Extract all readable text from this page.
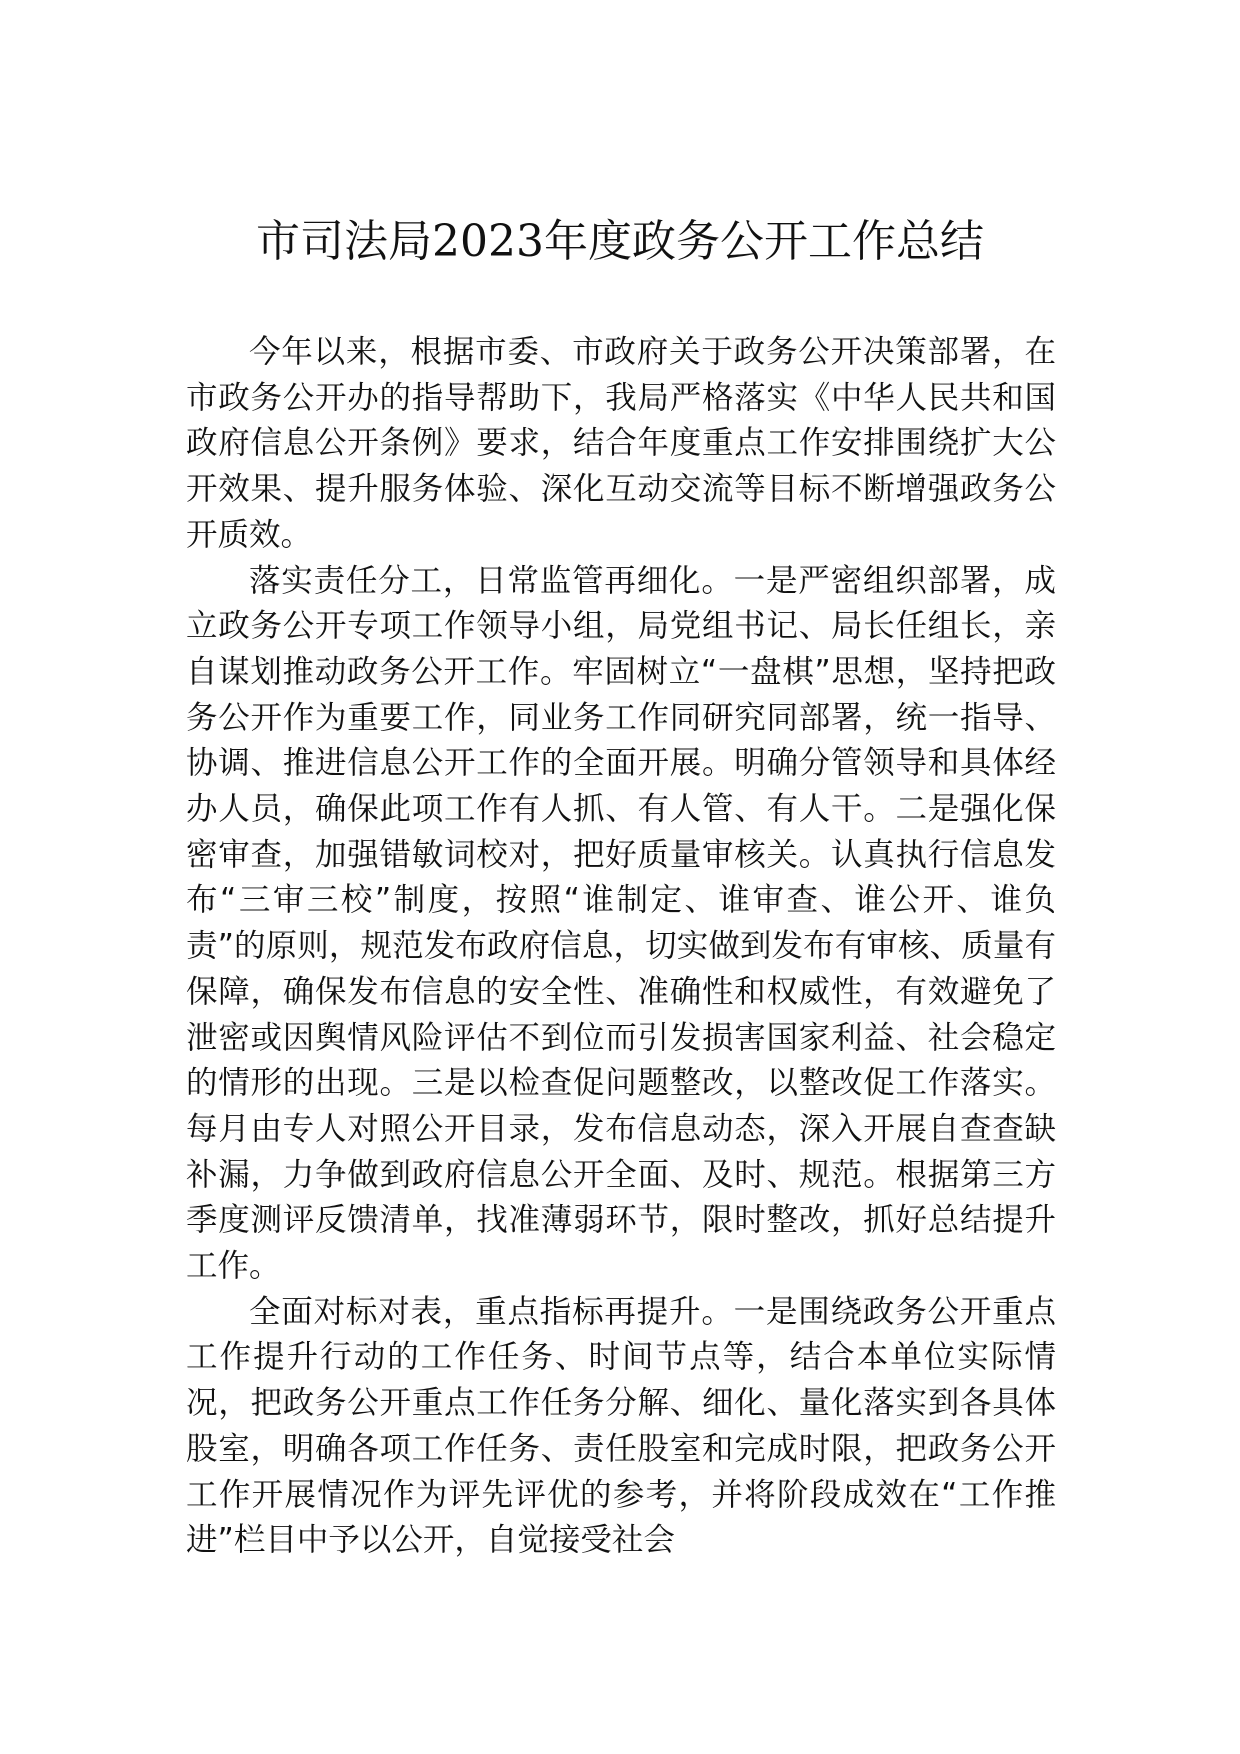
市司法局2023年度政务公开工作总结

今年以来，根据市委、市政府关于政务公开决策部署，在市政务公开办的指导帮助下，我局严格落实《中华人民共和国政府信息公开条例》要求，结合年度重点工作安排围绕扩大公开效果、提升服务体验、深化互动交流等目标不断增强政务公开质效。

落实责任分工，日常监管再细化。一是严密组织部署，成立政务公开专项工作领导小组，局党组书记、局长任组长，亲自谋划推动政务公开工作。牢固树立“一盘棋”思想，坚持把政务公开作为重要工作，同业务工作同研究同部署，统一指导、协调、推进信息公开工作的全面开展。明确分管领导和具体经办人员，确保此项工作有人抓、有人管、有人干。二是强化保密审查，加强错敏词校对，把好质量审核关。认真执行信息发布“三审三校”制度，按照“谁制定、谁审查、谁公开、谁负责”的原则，规范发布政府信息，切实做到发布有审核、质量有保障，确保发布信息的安全性、准确性和权威性，有效避免了泄密或因舆情风险评估不到位而引发损害国家利益、社会稳定的情形的出现。三是以检查促问题整改，以整改促工作落实。每月由专人对照公开目录，发布信息动态，深入开展自查查缺补漏，力争做到政府信息公开全面、及时、规范。根据第三方季度测评反馈清单，找准薄弱环节，限时整改，抓好总结提升工作。

全面对标对表，重点指标再提升。一是围绕政务公开重点工作提升行动的工作任务、时间节点等，结合本单位实际情况，把政务公开重点工作任务分解、细化、量化落实到各具体股室，明确各项工作任务、责任股室和完成时限，把政务公开工作开展情况作为评先评优的参考，并将阶段成效在“工作推进”栏目中予以公开，自觉接受社会
